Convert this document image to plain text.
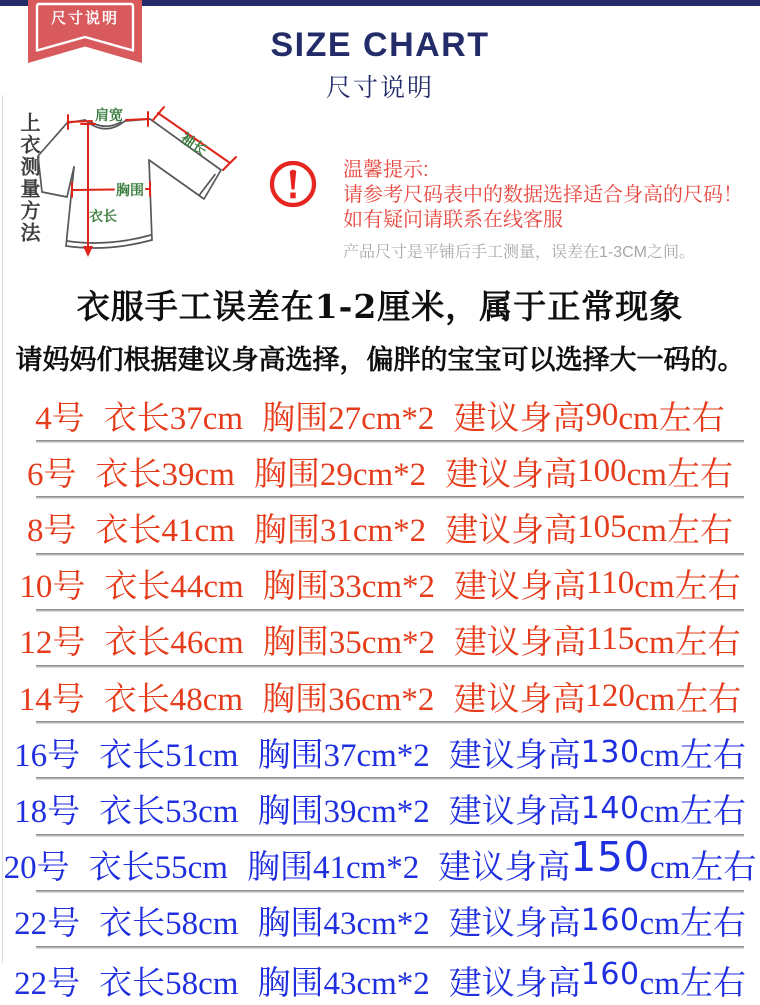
尺寸说明
SIZE CHART
尺寸说明
上衣测量方法	肩宽
袖长
胸围
衣长
温馨提示:
请参考尺码表中的数据选择适合身高的尺码！
如有疑问请联系在线客服
产品尺寸是平铺后手工测量，误差在1-3CM之间。
衣服手工误差在1-2厘米，属于正常现象
请妈妈们根据建议身高选择，偏胖的宝宝可以选择大一码的。
4号 衣长37cm 胸围27cm*2 建议身高 90 cm左右
6号 衣长39cm 胸围29cm*2 建议身高 100 cm左右
8号 衣长41cm 胸围31cm*2 建议身高 105 cm左右
10号 衣长44cm 胸围33cm*2 建议身高 110 cm左右
12号 衣长46cm 胸围35cm*2 建议身高 115 cm左右
14号 衣长48cm 胸围36cm*2 建议身高 120 cm左右
16号 衣长51cm 胸围37cm*2 建议身高 130 cm左右
18号 衣长53cm 胸围39cm*2 建议身高 140 cm左右
20号 衣长55cm 胸围41cm*2 建议身高 150 cm左右
22号 衣长58cm 胸围43cm*2 建议身高 160 cm左右
22号 衣长58cm 胸围43cm*2 建议身高 160 cm左右
